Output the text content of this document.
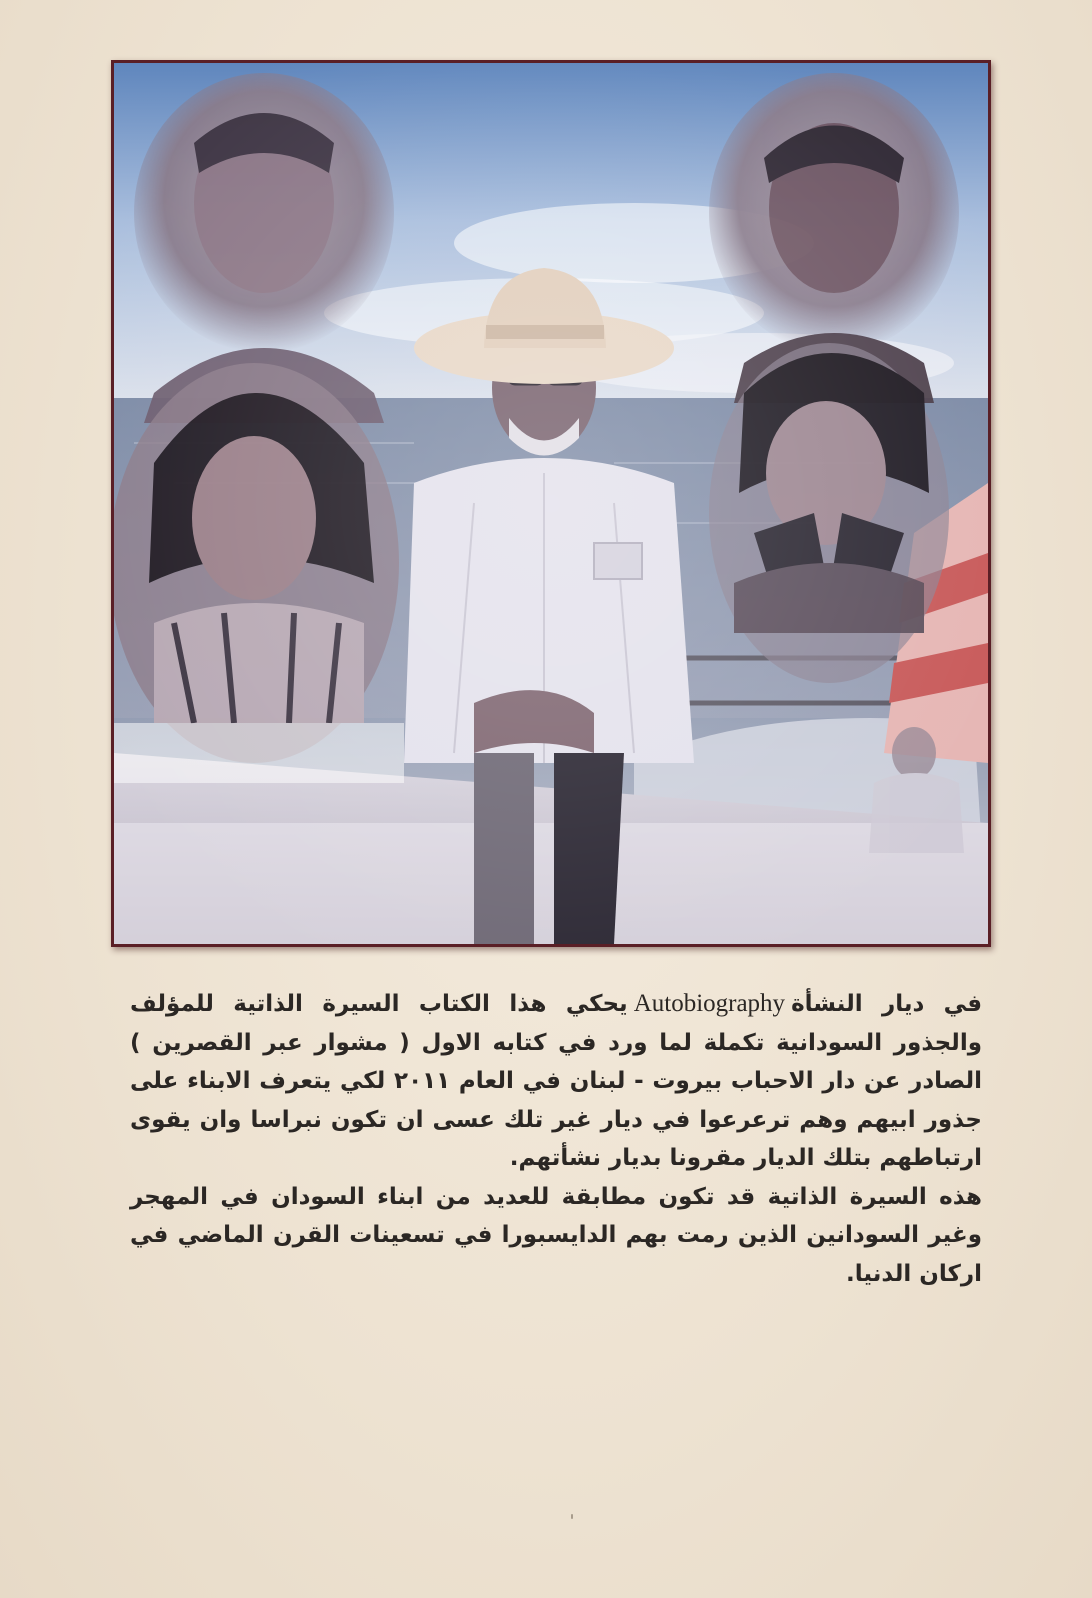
في ديار النشأةAutobiographyيحكي هذا الكتاب السيرة الذاتية للمؤلف والجذور السودانية تكملة لما ورد في كتابه الاول ( مشوار عبر القصرين ) الصادر عن دار الاحباب بيروت - لبنان في العام ٢٠١١ لكي يتعرف الابناء على جذور ابيهم وهم ترعرعوا في ديار غير تلك عسى ان تكون نبراسا وان يقوى ارتباطهم بتلك الديار مقرونا بديار نشأتهم.

هذه السيرة الذاتية قد تكون مطابقة للعديد من ابناء السودان في المهجر وغير السودانين الذين رمت بهم الدايسبورا في تسعينات القرن الماضي في اركان الدنيا.
